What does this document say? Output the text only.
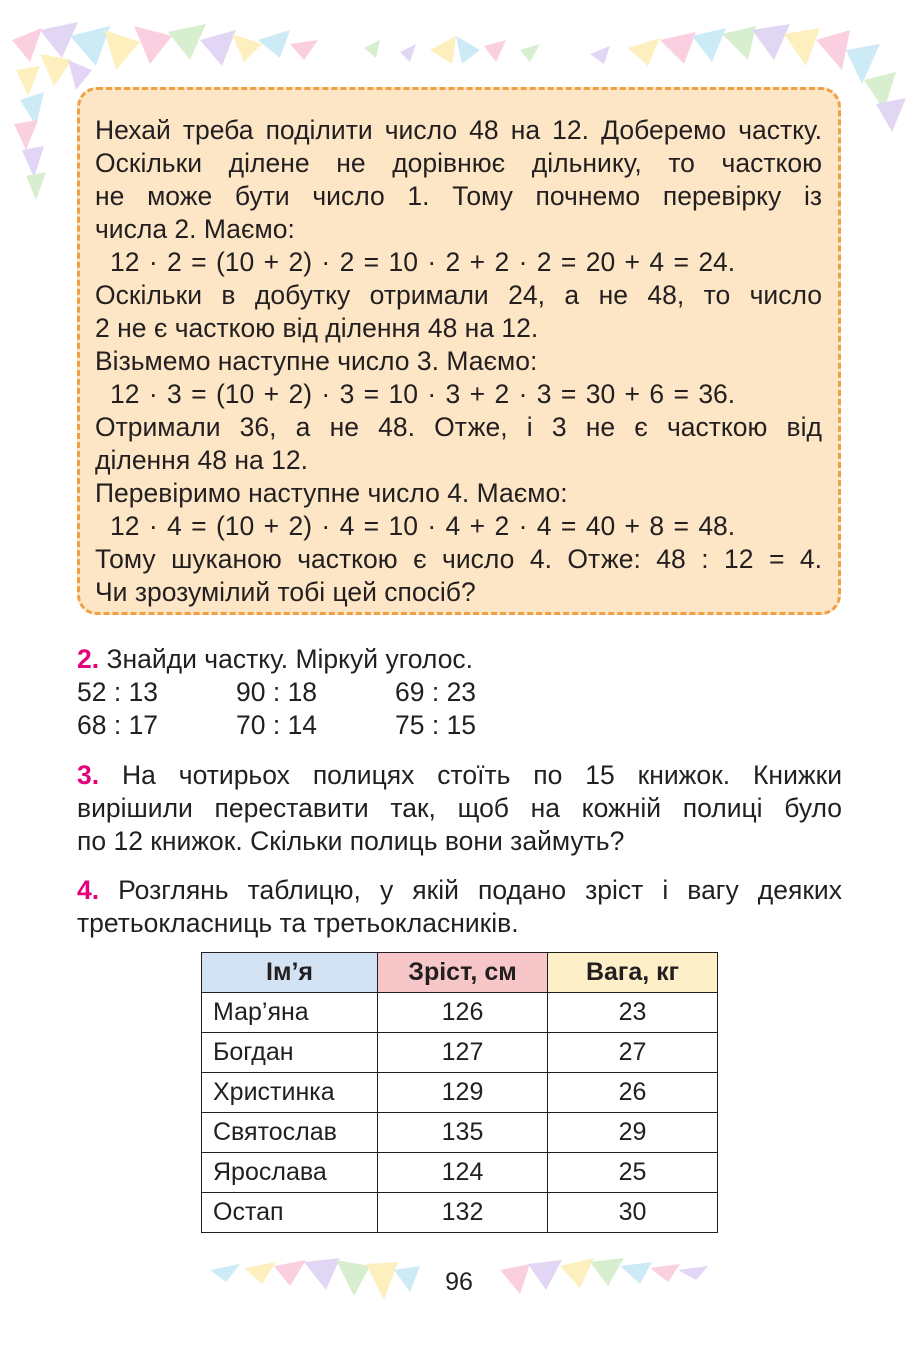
Нехай треба поділити число 48 на 12. Доберемо частку.
Оскільки ділене не дорівнює дільнику, то часткою
не може бути число 1. Тому почнемо перевірку із
числа 2. Маємо:
12 · 2 = (10 + 2) · 2 = 10 · 2 + 2 · 2 = 20 + 4 = 24.
Оскільки в добутку отримали 24, а не 48, то число
2 не є часткою від ділення 48 на 12.
Візьмемо наступне число 3. Маємо:
12 · 3 = (10 + 2) · 3 = 10 · 3 + 2 · 3 = 30 + 6 = 36.
Отримали 36, а не 48. Отже, і 3 не є часткою від
ділення 48 на 12.
Перевіримо наступне число 4. Маємо:
12 · 4 = (10 + 2) · 4 = 10 · 4 + 2 · 4 = 40 + 8 = 48.
Тому шуканою часткою є число 4. Отже: 48 : 12 = 4.
Чи зрозумілий тобі цей спосіб?
2. Знайди частку. Міркуй уголос.
52 : 13	90 : 18	69 : 23
68 : 17	70 : 14	75 : 15
3. На чотирьох полицях стоїть по 15 книжок. Книжки
вирішили переставити так, щоб на кожній полиці було
по 12 книжок. Скільки полиць вони займуть?
4. Розглянь таблицю, у якій подано зріст і вагу деяких
третьокласниць та третьокласників.
Ім’я	Зріст, см	Вага, кг
Мар’яна	126	23
Богдан	127	27
Христинка	129	26
Святослав	135	29
Ярослава	124	25
Остап	132	30
96
